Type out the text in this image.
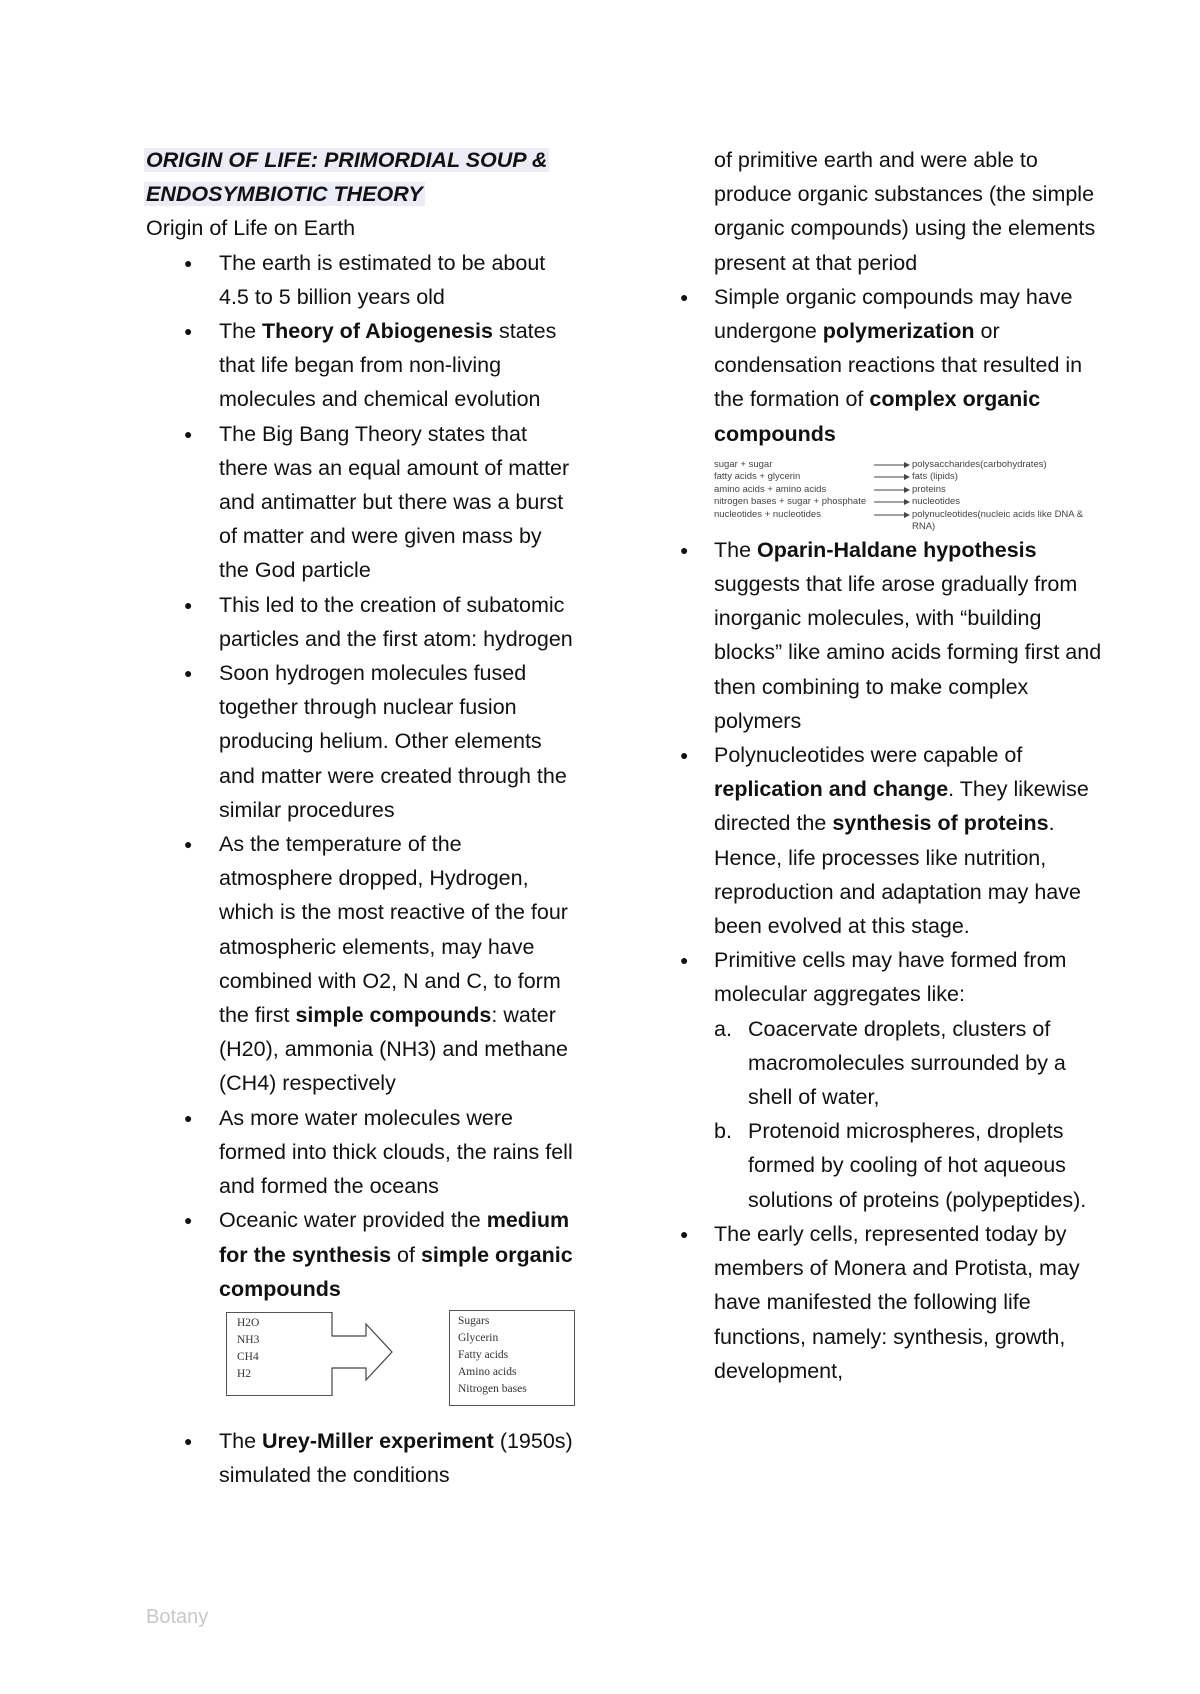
ORIGIN OF LIFE: PRIMORDIAL SOUP &
ENDOSYMBIOTIC THEORY
Origin of Life on Earth
● The earth is estimated to be about 4.5 to 5 billion years old
● The Theory of Abiogenesis states that life began from non-living molecules and chemical evolution
● The Big Bang Theory states that there was an equal amount of matter and antimatter but there was a burst of matter and were given mass by the God particle
● This led to the creation of subatomic particles and the first atom: hydrogen
● Soon hydrogen molecules fused together through nuclear fusion producing helium. Other elements and matter were created through the similar procedures
● As the temperature of the atmosphere dropped, Hydrogen, which is the most reactive of the four atmospheric elements, may have combined with O2, N and C, to form the first simple compounds: water (H20), ammonia (NH3) and methane (CH4) respectively
● As more water molecules were formed into thick clouds, the rains fell and formed the oceans
● Oceanic water provided the medium for the synthesis of simple organic compounds
H2O
NH3
CH4
H2
Sugars
Glycerin
Fatty acids
Amino acids
Nitrogen bases
● The Urey-Miller experiment (1950s) simulated the conditions
of primitive earth and were able to produce organic substances (the simple organic compounds) using the elements present at that period
● Simple organic compounds may have undergone polymerization or condensation reactions that resulted in the formation of complex organic compounds
sugar + sugar	polysaccharides(carbohydrates)
fatty acids + glycerin	fats (lipids)
amino acids + amino acids	proteins
nitrogen bases + sugar + phosphate	nucleotides
nucleotides + nucleotides	polynucleotides(nucleic acids like DNA &
RNA)
● The Oparin-Haldane hypothesis suggests that life arose gradually from inorganic molecules, with “building blocks” like amino acids forming first and then combining to make complex polymers
● Polynucleotides were capable of replication and change. They likewise directed the synthesis of proteins. Hence, life processes like nutrition, reproduction and adaptation may have been evolved at this stage.
● Primitive cells may have formed from molecular aggregates like:
a. Coacervate droplets, clusters of macromolecules surrounded by a shell of water,
b. Protenoid microspheres, droplets formed by cooling of hot aqueous solutions of proteins (polypeptides).
● The early cells, represented today by members of Monera and Protista, may have manifested the following life functions, namely: synthesis, growth, development,
Botany
